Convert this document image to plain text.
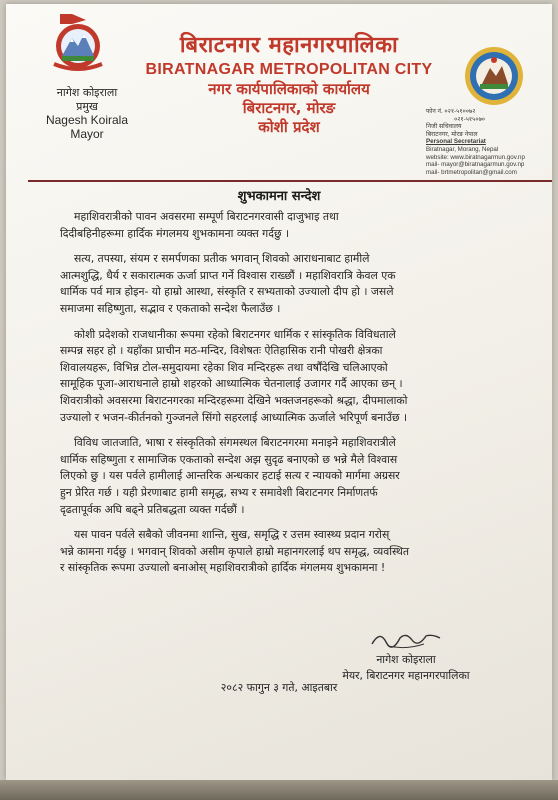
नागेश कोइराला
प्रमुख
Nagesh Koirala
Mayor
बिराटनगर महानगरपालिका
BIRATNAGAR METROPOLITAN CITY
नगर कार्यपालिकाको कार्यालय
बिराटनगर, मोरङ
कोशी प्रदेश
फोन नं. ०२१-५१००७२
०२१-५१५०७०
निजी सचिवालय
बिराटनगर, मोरङ नेपाल
Personal Secretariat
Biratnagar, Morang, Nepal
website: www.biratnagarmun.gov.np
mail- mayor@biratnagarmun.gov.np
mail- brtmetropolitan@gmail.com
शुभकामना सन्देश
महाशिवरात्रीको पावन अवसरमा सम्पूर्ण बिराटनगरवासी दाजुभाइ तथा
दिदीबहिनीहरूमा हार्दिक मंगलमय शुभकामना व्यक्त गर्दछु ।
सत्य, तपस्या, संयम र समर्पणका प्रतीक भगवान् शिवको आराधनाबाट हामीले
आत्मशुद्धि, धैर्य र सकारात्मक ऊर्जा प्राप्त गर्ने विश्वास राख्छौं । महाशिवरात्रि केवल एक
धार्मिक पर्व मात्र होइन- यो हाम्रो आस्था, संस्कृति र सभ्यताको उज्यालो दीप हो । जसले
समाजमा सहिष्णुता, सद्भाव र एकताको सन्देश फैलाउँछ ।
कोशी प्रदेशको राजधानीका रूपमा रहेको बिराटनगर धार्मिक र सांस्कृतिक विविधताले
सम्पन्न सहर हो । यहाँका प्राचीन मठ-मन्दिर, विशेषतः ऐतिहासिक रानी पोखरी क्षेत्रका
शिवालयहरू, विभिन्न टोल-समुदायमा रहेका शिव मन्दिरहरू तथा वर्षौंदेखि चलिआएको
सामूहिक पूजा-आराधनाले हाम्रो शहरको आध्यात्मिक चेतनालाई उजागर गर्दै आएका छन् ।
शिवरात्रीको अवसरमा बिराटनगरका मन्दिरहरूमा देखिने भक्तजनहरूको श्रद्धा, दीपमालाको
उज्यालो र भजन-कीर्तनको गुञ्जनले सिंगो सहरलाई आध्यात्मिक ऊर्जाले भरिपूर्ण बनाउँछ ।
विविध जातजाति, भाषा र संस्कृतिको संगमस्थल बिराटनगरमा मनाइने महाशिवरात्रीले
धार्मिक सहिष्णुता र सामाजिक एकताको सन्देश अझ सुदृढ बनाएको छ भन्ने मैले विश्वास
लिएको छु । यस पर्वले हामीलाई आन्तरिक अन्धकार हटाई सत्य र न्यायको मार्गमा अग्रसर
हुन प्रेरित गर्छ । यही प्रेरणाबाट हामी समृद्ध, सभ्य र समावेशी बिराटनगर निर्माणतर्फ
दृढतापूर्वक अघि बढ्ने प्रतिबद्धता व्यक्त गर्दछौं ।
यस पावन पर्वले सबैको जीवनमा शान्ति, सुख, समृद्धि र उत्तम स्वास्थ्य प्रदान गरोस्
भन्ने कामना गर्दछु । भगवान् शिवको असीम कृपाले हाम्रो महानगरलाई थप समृद्ध, व्यवस्थित
र सांस्कृतिक रूपमा उज्यालो बनाओस् महाशिवरात्रीको हार्दिक मंगलमय शुभकामना !
नागेश कोइराला
मेयर, बिराटनगर महानगरपालिका
२०८२ फागुन ३ गते, आइतबार
